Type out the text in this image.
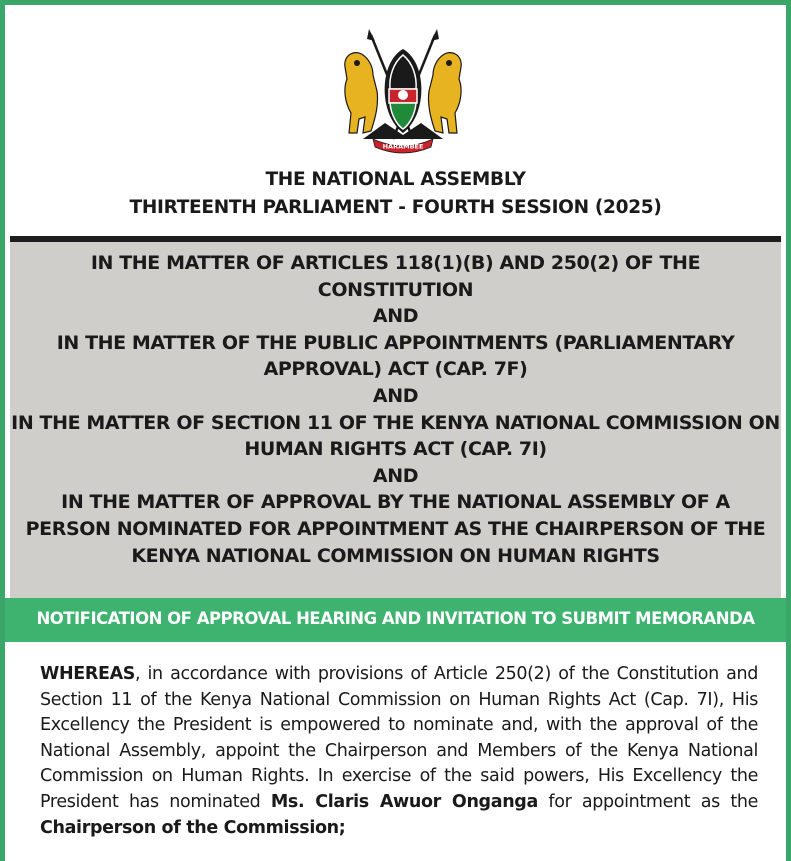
HARAMBEE
THE NATIONAL ASSEMBLY
THIRTEENTH PARLIAMENT - FOURTH SESSION (2025)
IN THE MATTER OF ARTICLES 118(1)(B) AND 250(2) OF THE
CONSTITUTION
AND
IN THE MATTER OF THE PUBLIC APPOINTMENTS (PARLIAMENTARY
APPROVAL) ACT (CAP. 7F)
AND
IN THE MATTER OF SECTION 11 OF THE KENYA NATIONAL COMMISSION ON
HUMAN RIGHTS ACT (CAP. 7I)
AND
IN THE MATTER OF APPROVAL BY THE NATIONAL ASSEMBLY OF A
PERSON NOMINATED FOR APPOINTMENT AS THE CHAIRPERSON OF THE
KENYA NATIONAL COMMISSION ON HUMAN RIGHTS
NOTIFICATION OF APPROVAL HEARING AND INVITATION TO SUBMIT MEMORANDA
WHEREAS, in accordance with provisions of Article 250(2) of the Constitution and Section 11 of the Kenya National Commission on Human Rights Act (Cap. 7I), His Excellency the President is empowered to nominate and, with the approval of the National Assembly, appoint the Chairperson and Members of the Kenya National Commission on Human Rights. In exercise of the said powers, His Excellency the President has nominated Ms. Claris Awuor Onganga for appointment as the Chairperson of the Commission;
